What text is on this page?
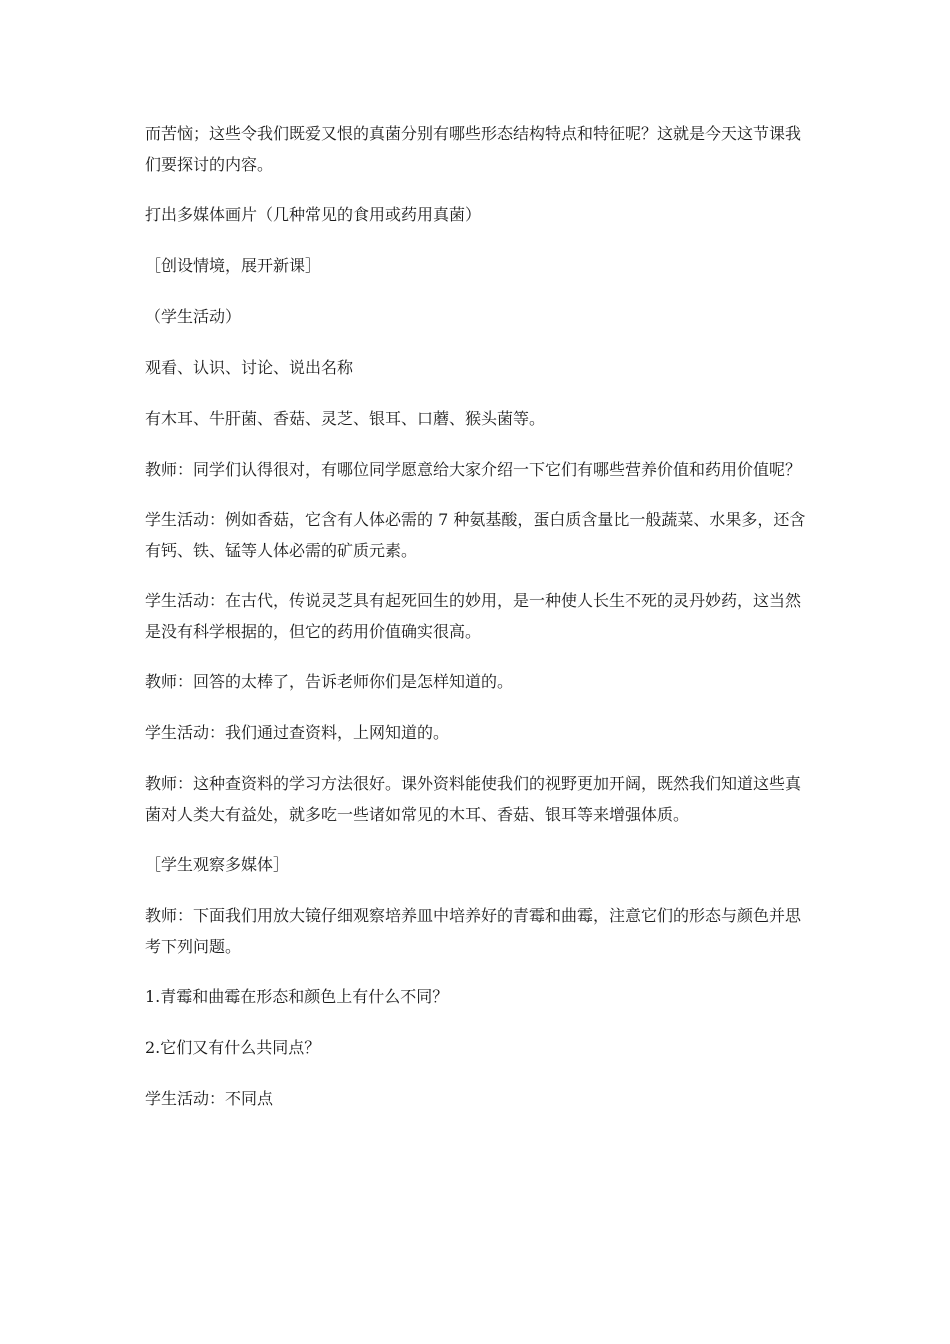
而苦恼；这些令我们既爱又恨的真菌分别有哪些形态结构特点和特征呢？这就是今天这节课我们要探讨的内容。

打出多媒体画片（几种常见的食用或药用真菌）

［创设情境，展开新课］

（学生活动）

观看、认识、讨论、说出名称

有木耳、牛肝菌、香菇、灵芝、银耳、口蘑、猴头菌等。

教师：同学们认得很对，有哪位同学愿意给大家介绍一下它们有哪些营养价值和药用价值呢？

学生活动：例如香菇，它含有人体必需的 7 种氨基酸，蛋白质含量比一般蔬菜、水果多，还含有钙、铁、锰等人体必需的矿质元素。

学生活动：在古代，传说灵芝具有起死回生的妙用，是一种使人长生不死的灵丹妙药，这当然是没有科学根据的，但它的药用价值确实很高。

教师：回答的太棒了，告诉老师你们是怎样知道的。

学生活动：我们通过查资料，上网知道的。

教师：这种查资料的学习方法很好。课外资料能使我们的视野更加开阔，既然我们知道这些真菌对人类大有益处，就多吃一些诸如常见的木耳、香菇、银耳等来增强体质。

［学生观察多媒体］

教师：下面我们用放大镜仔细观察培养皿中培养好的青霉和曲霉，注意它们的形态与颜色并思考下列问题。

1.青霉和曲霉在形态和颜色上有什么不同？

2.它们又有什么共同点？

学生活动：不同点
